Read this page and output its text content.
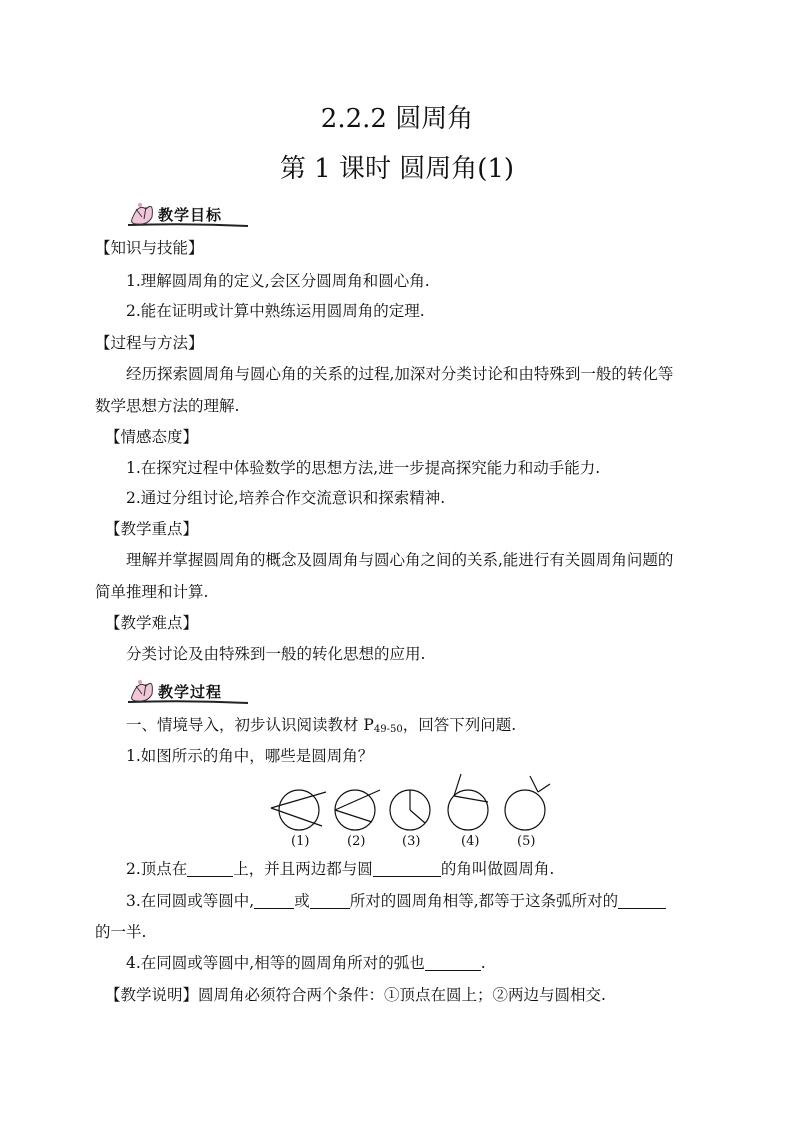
2.2.2 圆周角
第 1 课时 圆周角(1)
教学目标
【知识与技能】
1.理解圆周角的定义,会区分圆周角和圆心角.
2.能在证明或计算中熟练运用圆周角的定理.
【过程与方法】
经历探索圆周角与圆心角的关系的过程,加深对分类讨论和由特殊到一般的转化等
数学思想方法的理解.
【情感态度】
1.在探究过程中体验数学的思想方法,进一步提高探究能力和动手能力.
2.通过分组讨论,培养合作交流意识和探索精神.
【教学重点】
理解并掌握圆周角的概念及圆周角与圆心角之间的关系,能进行有关圆周角问题的
简单推理和计算.
【教学难点】
分类讨论及由特殊到一般的转化思想的应用.
教学过程
一、情境导入，初步认识阅读教材 $P_{49-50}$，回答下列问题.
1.如图所示的角中，哪些是圆周角？
(1)	(2)	(3)	(4)	(5)
2.顶点在	上，并且两边都与圆	的角叫做圆周角.
3.在同圆或等圆中,	或	所对的圆周角相等,都等于这条弧所对的
的一半.
4.在同圆或等圆中,相等的圆周角所对的弧也	.
【教学说明】圆周角必须符合两个条件：①顶点在圆上；②两边与圆相交.
